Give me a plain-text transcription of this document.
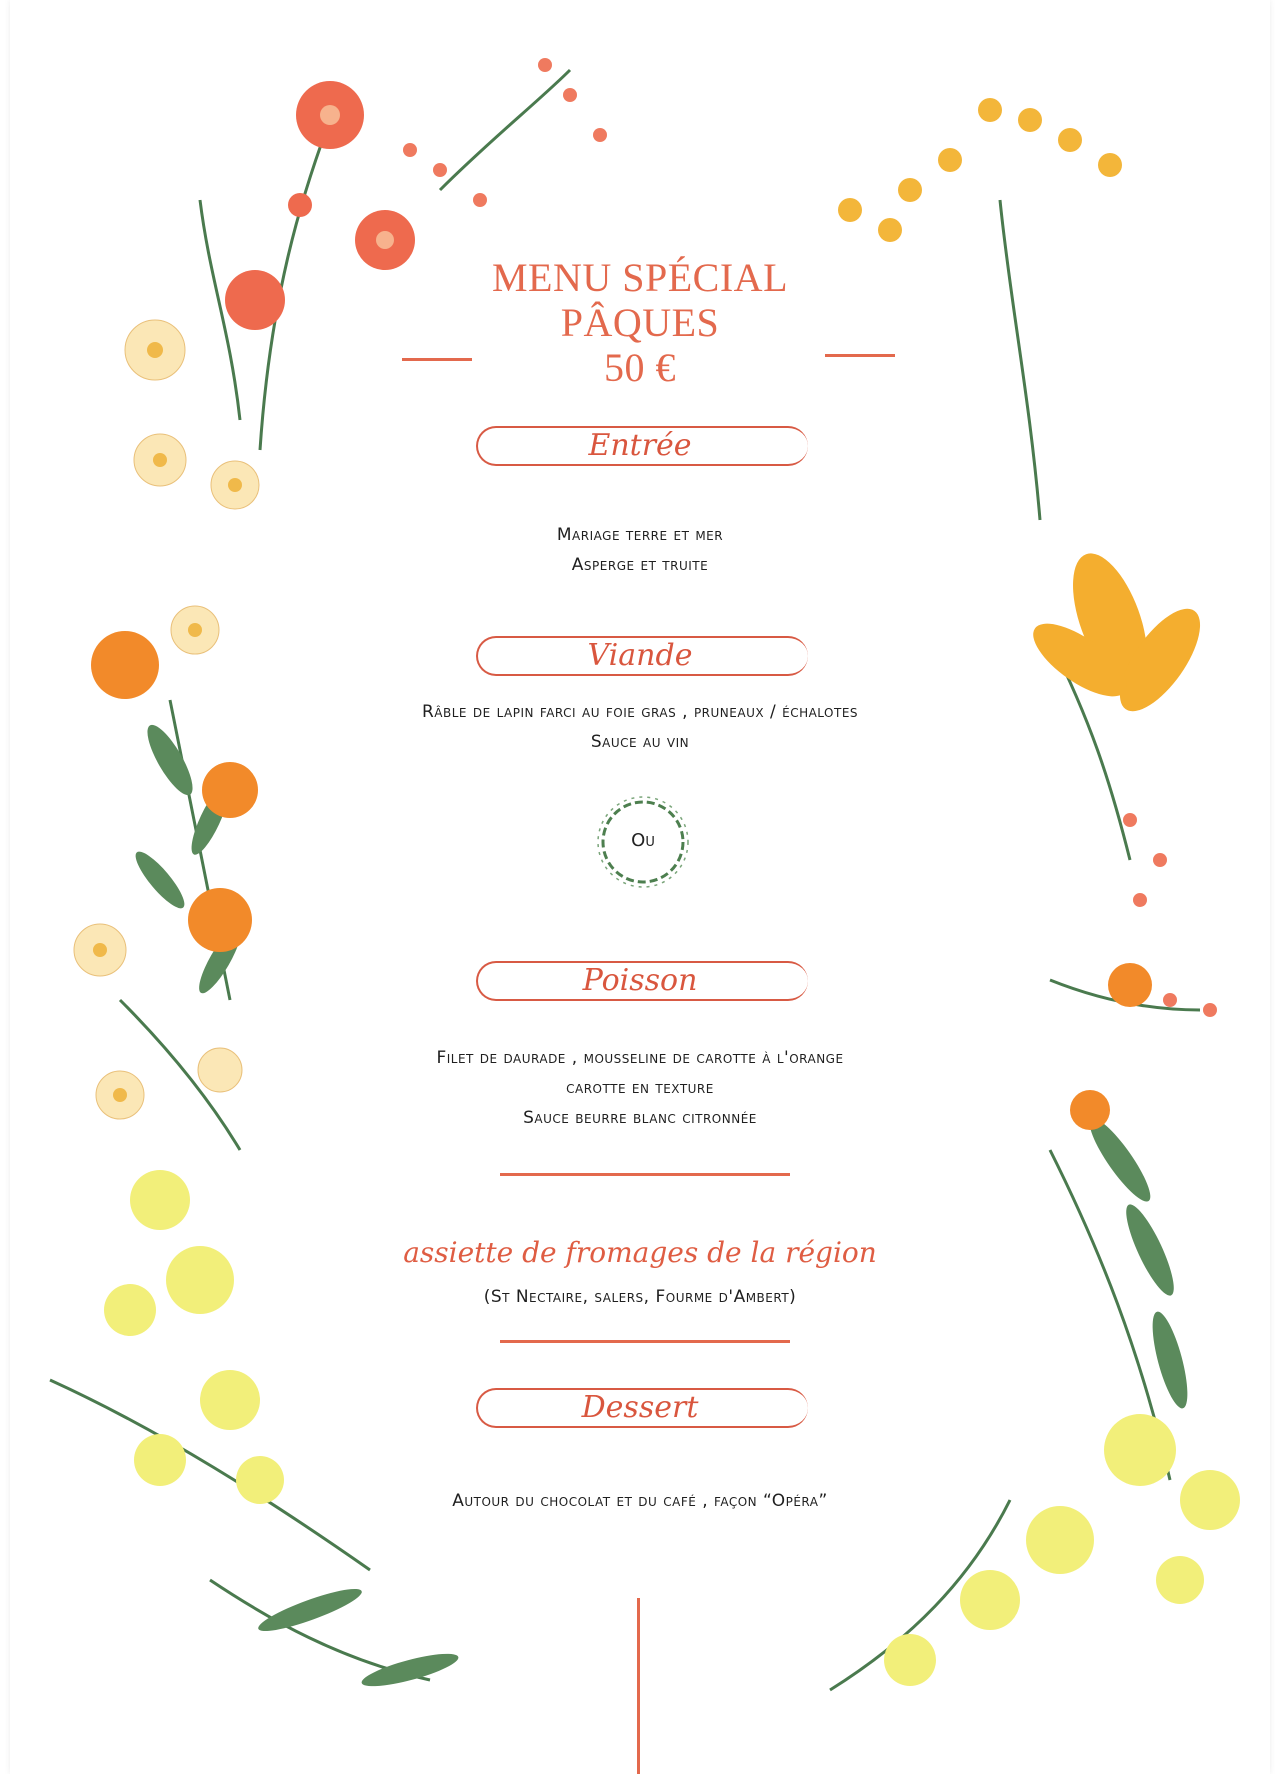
MENU SPÉCIAL
PÂQUES
50 €
Entrée
Mariage terre et mer
Asperge et truite
Viande
Râble de lapin farci au foie gras , pruneaux / échalotes
Sauce au vin
Ou
Poisson
Filet de daurade , mousseline de carotte à l'orange
carotte en texture
Sauce beurre blanc citronnée
assiette de fromages de la région
(St Nectaire, salers, Fourme d'Ambert)
Dessert
Autour du chocolat et du café , façon “Opéra”
